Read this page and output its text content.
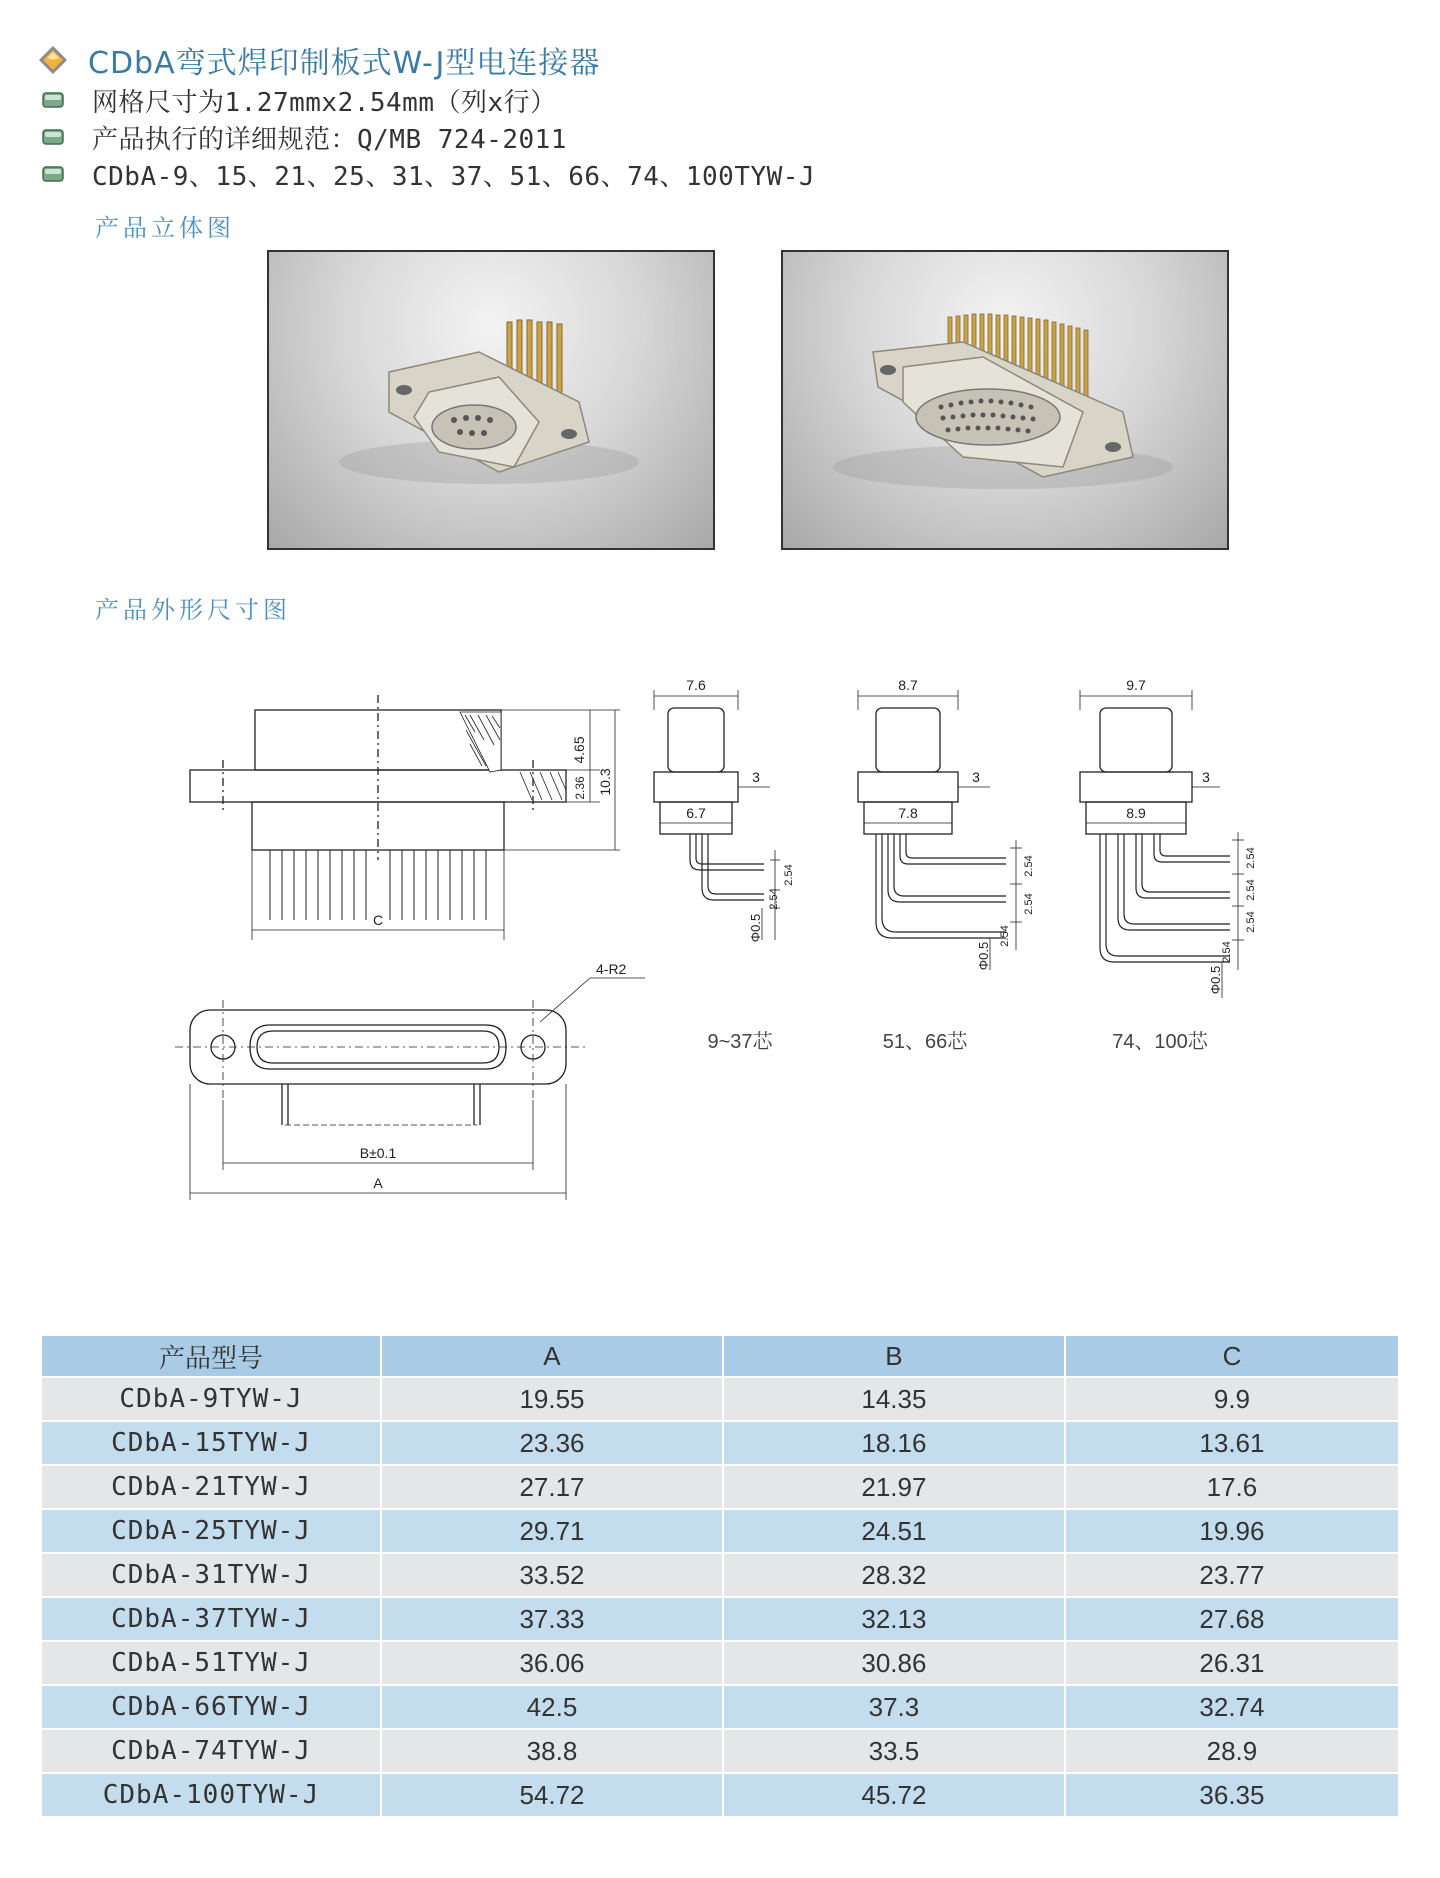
CDbA弯式焊印制板式W-J型电连接器
网格尺寸为1.27mmx2.54mm（列x行）
产品执行的详细规范：Q/MB 724-2011
CDbA-9、15、21、25、31、37、51、66、74、100TYW-J
产品立体图
产品外形尺寸图
4.65
2.36 10.3
C
4-R2
B±0.1
A
7.6
3
6.7
2.54
2.54
Φ0.5
8.7
3
7.8
2.54
2.54
2.54
Φ0.5
9.7
3
8.9
2.54
2.54
2.54
2.54
Φ0.5
9~37芯	51、66芯	74、100芯
产品型号	A	B	C
CDbA-9TYW-J	19.55	14.35	9.9
CDbA-15TYW-J	23.36	18.16	13.61
CDbA-21TYW-J	27.17	21.97	17.6
CDbA-25TYW-J	29.71	24.51	19.96
CDbA-31TYW-J	33.52	28.32	23.77
CDbA-37TYW-J	37.33	32.13	27.68
CDbA-51TYW-J	36.06	30.86	26.31
CDbA-66TYW-J	42.5	37.3	32.74
CDbA-74TYW-J	38.8	33.5	28.9
CDbA-100TYW-J	54.72	45.72	36.35
